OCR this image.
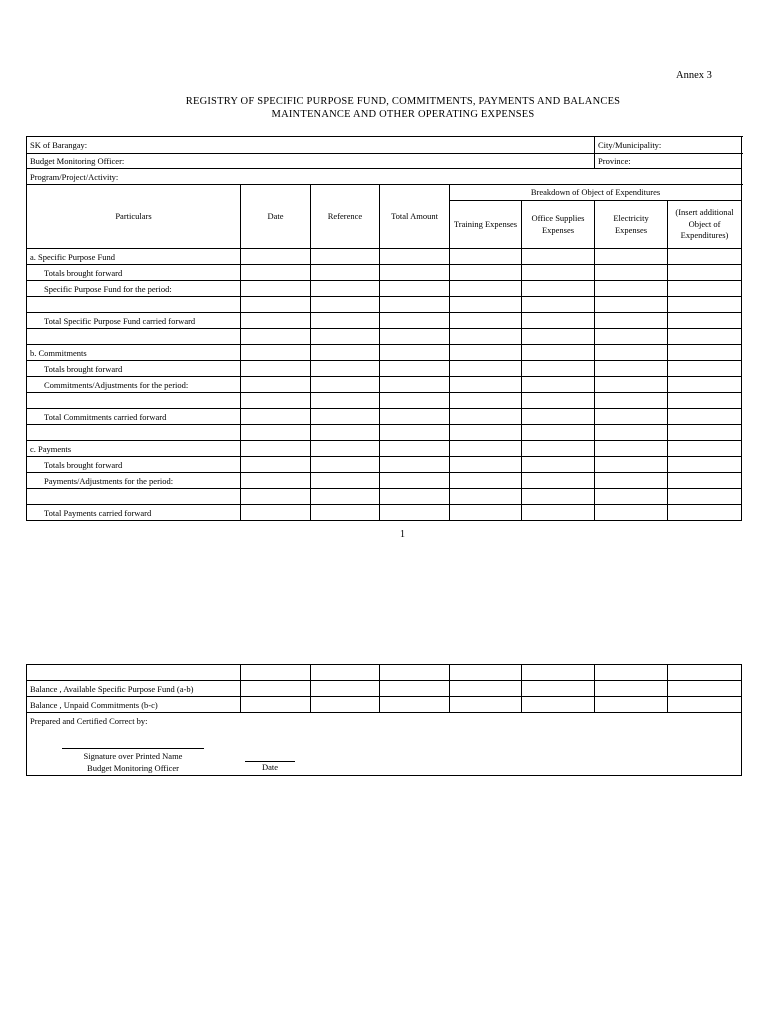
Annex 3
REGISTRY OF SPECIFIC PURPOSE FUND, COMMITMENTS, PAYMENTS AND BALANCES
MAINTENANCE AND OTHER OPERATING EXPENSES
SK of Barangay:						City/Municipality:	
Budget Monitoring Officer:						Province:		
Program/Project/Activity:								
Particulars	Date	Reference	Total Amount	Breakdown of Object of Expenditures				
				Training Expenses	Office Supplies Expenses	Electricity Expenses	(Insert additional Object of Expenditures)	
a. Specific Purpose Fund								
Totals brought forward								
Specific Purpose Fund for the period:								

Total Specific Purpose Fund carried forward								

b. Commitments								
Totals brought forward								
Commitments/Adjustments for the period:								

Total Commitments carried forward								

c. Payments								
Totals brought forward								
Payments/Adjustments for the period:								

Total Payments carried forward								
1

Balance , Available Specific Purpose Fund (a-b)							
Balance , Unpaid Commitments (b-c)							
Prepared and Certified Correct by:							
Signature over Printed Name
Budget Monitoring Officer	Date
